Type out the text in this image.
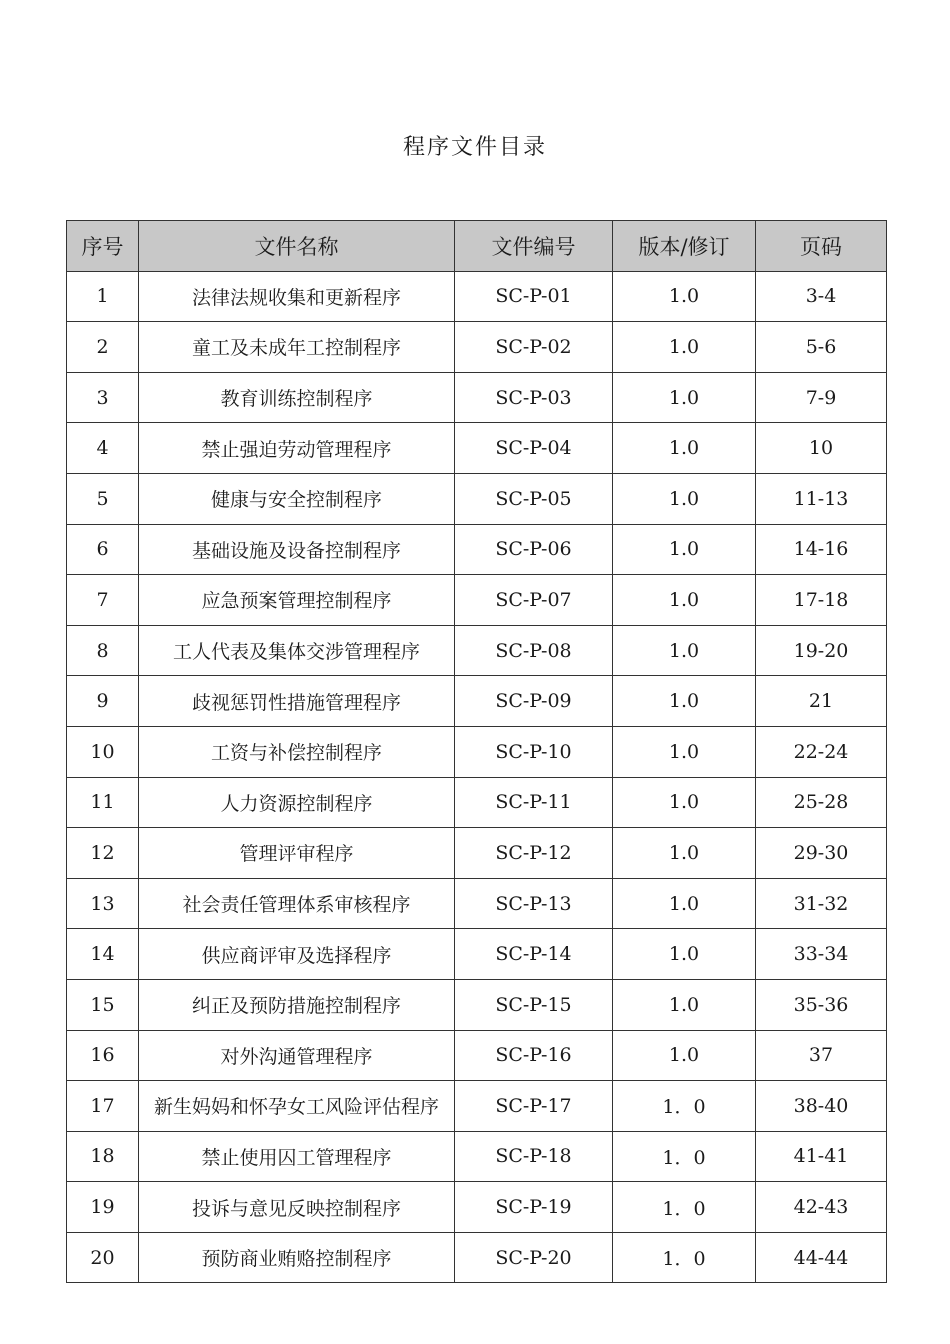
程序文件目录
序号	文件名称	文件编号	版本/修订	页码
1	法律法规收集和更新程序	SC-P-01	1.0	3-4
2	童工及未成年工控制程序	SC-P-02	1.0	5-6
3	教育训练控制程序	SC-P-03	1.0	7-9
4	禁止强迫劳动管理程序	SC-P-04	1.0	10
5	健康与安全控制程序	SC-P-05	1.0	11-13
6	基础设施及设备控制程序	SC-P-06	1.0	14-16
7	应急预案管理控制程序	SC-P-07	1.0	17-18
8	工人代表及集体交涉管理程序	SC-P-08	1.0	19-20
9	歧视惩罚性措施管理程序	SC-P-09	1.0	21
10	工资与补偿控制程序	SC-P-10	1.0	22-24
11	人力资源控制程序	SC-P-11	1.0	25-28
12	管理评审程序	SC-P-12	1.0	29-30
13	社会责任管理体系审核程序	SC-P-13	1.0	31-32
14	供应商评审及选择程序	SC-P-14	1.0	33-34
15	纠正及预防措施控制程序	SC-P-15	1.0	35-36
16	对外沟通管理程序	SC-P-16	1.0	37
17	新生妈妈和怀孕女工风险评估程序	SC-P-17	1．0	38-40
18	禁止使用囚工管理程序	SC-P-18	1．0	41-41
19	投诉与意见反映控制程序	SC-P-19	1．0	42-43
20	预防商业贿赂控制程序	SC-P-20	1．0	44-44
